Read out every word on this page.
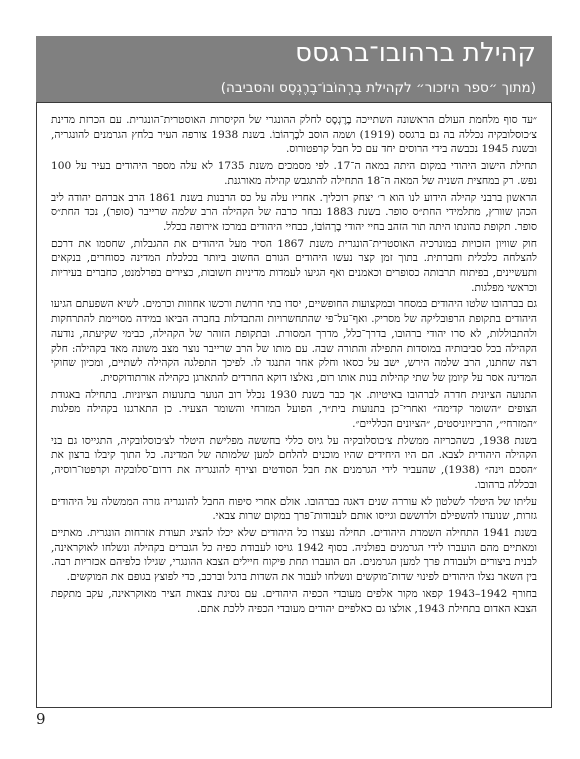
קהילת ברהובו־ברגסס
(מתוך ״ספר היזכור״ לקהילת בֶרְהוֹבוֹ־בֶרֶגְסֶס והסביבה)

״עד סוף מלחמת העולם הראשונה השתייכה בֶרֶגְסֶס לחלק ההונגרי של הקיסרות האוסטרית־הונגרית. עם הכרזת מדינת צ׳כוסלובקיה נכללה בה גם ברגסס (1919) ושמה הוסב לבֶרְהוֹבוֹ. בשנת 1938 צורפה העיר בלחץ הגרמנים להונגריה, ובשנת 1945 נכבשה בידי הרוסים יחד עם כל חבל קרפטורוס.

תחילת הישוב היהודי במקום היתה במאה ה־17. לפי מסמכים משנת 1735 לא עלה מספר היהודים בעיר על 100 נפש. רק במחצית השניה של המאה ה־18 התחילה להתגבש קהילה מאורגנת.

הראשון ברבני קהילה הידוע לנו הוא ר׳ יצחק רוכליך. אחריו עלה על כס הרבנות בשנת 1861 הרב אברהם יהודה ליב הכהן שוורץ, מתלמידי החת״ס סופר. בשנת 1883 נבחר כרבה של הקהילה הרב שלמה שרייבר (סופר), נכד החת״ס סופר. תקופת כהונתו היתה תור הזהב בחיי יהודי בֶרְהוֹבוֹ, כבחיי היהודים במרכז אירופה בכלל.

חוק שוויון הזכויות במונרכיה האוסטרית־הונגרית משנת 1867 הסיר מעל היהודים את ההגבלות, שחסמו את דרכם להצלחה כלכלית וחברתית. בתוך זמן קצר נעשו היהודים הגורם החשוב ביותר בכלכלת המדינה כסוחרים, בנקאים ותעשיינים, בפיתוח תרבותה כסופרים וכאמנים ואף הגיעו לעמדות מדיניות חשובות, כצירים בפרלמנט, כחברים בעיריות וכראשי מפלגות.

גם בברהובו שלטו היהודים במסחר ובמקצועות החופשיים, יסדו בתי חרושת ורכשו אחוזות וכרמים. לשיא השפעתם הגיעו היהודים בתקופת הרפובליקה של מסריק. ואף־על־פי שהתחשרויות והתבדלות בחברה הביאו במידה מסויימת להתרחקות ולהתבוללות, לא סרו יהודי ברהובו, בדרך־כלל, מדרך המסורת. ובתקופת הזוהר של הקהילה, כבימי שקיעתה, נודעה הקהילה בכל סביבותיה במוסדות התפילה והתורה שבה. עם מותו של הרב שרייבר נוצר מצב משונה מאד בקהילה: חלק רצה שחתנו, הרב שלמה הירש, ישב על כסאו וחלק אחר התנגד לו. לפיכך התפלגה הקהילה לשתיים, ומכיון שחוקי המדינה אסר על קיומן של שתי קהילות בנות אותו רום, נאלצו דוקא החרדים להתארגן כקהילה אורתודוקסית.

התנועה הציונית חדרה לברהובו באיטיות. אך כבר בשנת 1930 נכלל רוב הנוער בתנועות הציוניות. בתחילה באגודת הצופים ״השומר קדימה״ ואחרי־כן בתנועות בית״ר, הפועל המזרחי והשומר הצעיר. כן התארגנו בקהילה מפלגות ״המזרחי״, הרביזיוניסטים, ״הציונים הכלליים״.

בשנת 1938, כשהכריזה ממשלת צ׳כוסלובקיה על גיוס כללי בחששה מפלישת היטלר לצ׳כוסלובקיה, התגייסו גם בני הקהילה היהודית לצבא. הם היו היחידים שהיו מוכנים להלחם למען שלמותה של המדינה. כל התוך קיבלו ברצון את ״הסכם וינה״ (1938), שהעביר לידי הגרמנים את חבל הסודטים וצירף להונגריה את דרום־סלובקיה וקרפטו־רוסיה, ובכללה ברהובו.

עליתו של היטלר לשלטון לא עוררה שנים דאגה בברהובו. אולם אחרי סיפוח החבל להונגריה גזרה הממשלה על היהודים גזרות, שנועדו להשפילם ולרוששם וגייסו אותם לעבודות־פרך במקום שרות צבאי.

בשנת 1941 התחילה השמדת היהודים. תחילה נעצרו כל היהודים שלא יכלו להציג תעודת אזרחות הונגרית. מאתיים ומאתיים מהם הועברו לידי הגרמנים בפולניה. בסוף 1942 גויסו לעבודת כפיה כל הגברים בקהילה ונשלחו לאוקראינה, לבנית ביצורים ולעבודת פרך למען הגרמנים. הם הועברו תחת פיקוח חיילים הצבא ההונגרי, שגילו כלפיהם אכזריות רבה. בין השאר נצלו היהודים לפינוי שדות־מוקשים ונשלחו לעבור את השדות ברגל וברכב, כדי לפוצץ בגופם את המוקשים.

בחורף 1942–1943 קפאו מקור אלפים מעובדי הכפיה היהודים. עם נסיגת צבאות הציר מאוקראינה, עקב מתקפת הצבא האדום בתחילת 1943, אולצו גם כאלפיים יהודים מעובדי הכפיה ללכת אתם.

9
